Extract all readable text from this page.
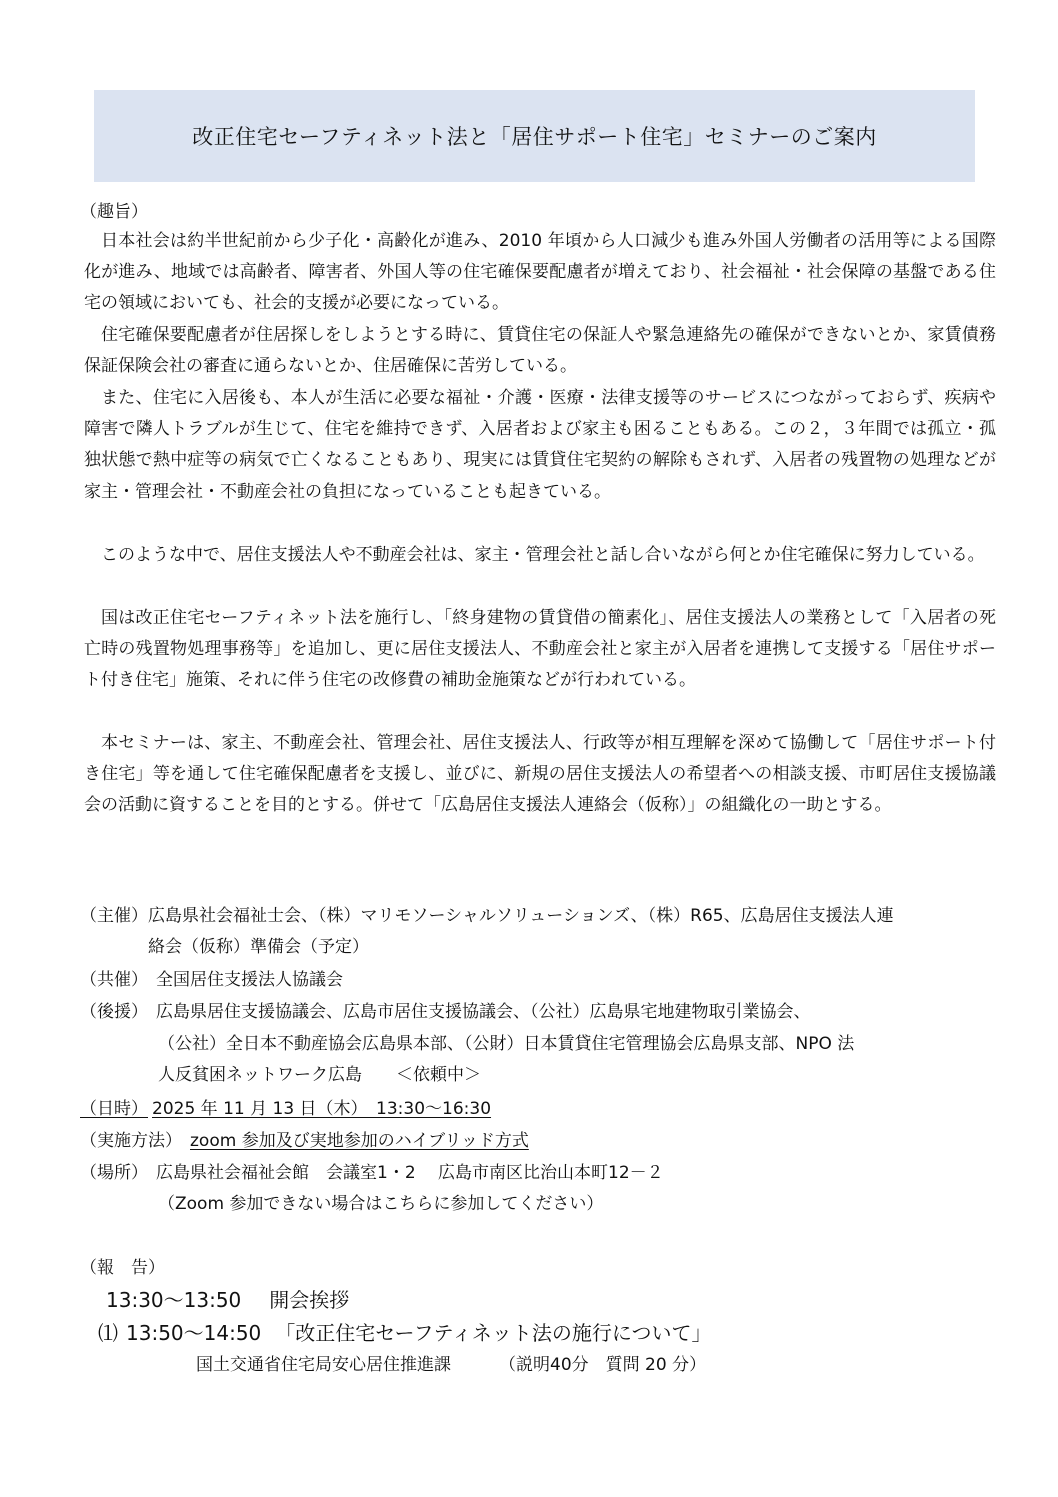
改正住宅セーフティネット法と「居住サポート住宅」セミナーのご案内
（趣旨）

日本社会は約半世紀前から少子化・高齢化が進み、2010 年頃から人口減少も進み外国人労働者の活用等による国際化が進み、地域では高齢者、障害者、外国人等の住宅確保要配慮者が増えており、社会福祉・社会保障の基盤である住宅の領域においても、社会的支援が必要になっている。

住宅確保要配慮者が住居探しをしようとする時に、賃貸住宅の保証人や緊急連絡先の確保ができないとか、家賃債務保証保険会社の審査に通らないとか、住居確保に苦労している。

また、住宅に入居後も、本人が生活に必要な福祉・介護・医療・法律支援等のサービスにつながっておらず、疾病や障害で隣人トラブルが生じて、住宅を維持できず、入居者および家主も困ることもある。この２，３年間では孤立・孤独状態で熱中症等の病気で亡くなることもあり、現実には賃貸住宅契約の解除もされず、入居者の残置物の処理などが家主・管理会社・不動産会社の負担になっていることも起きている。

このような中で、居住支援法人や不動産会社は、家主・管理会社と話し合いながら何とか住宅確保に努力している。

国は改正住宅セーフティネット法を施行し、「終身建物の賃貸借の簡素化」、居住支援法人の業務として「入居者の死亡時の残置物処理事務等」を追加し、更に居住支援法人、不動産会社と家主が入居者を連携して支援する「居住サポート付き住宅」施策、それに伴う住宅の改修費の補助金施策などが行われている。

本セミナーは、家主、不動産会社、管理会社、居住支援法人、行政等が相互理解を深めて協働して「居住サポート付き住宅」等を通して住宅確保配慮者を支援し、並びに、新規の居住支援法人の希望者への相談支援、市町居住支援協議会の活動に資することを目的とする。併せて「広島居住支援法人連絡会（仮称）」の組織化の一助とする。

（主催）広島県社会福祉士会、（株）マリモソーシャルソリューションズ、（株）R65、広島居住支援法人連
絡会（仮称）準備会（予定）
（共催） 全国居住支援法人協議会
（後援） 広島県居住支援協議会、広島市居住支援協議会、（公社）広島県宅地建物取引業協会、
（公社）全日本不動産協会広島県本部、（公財）日本賃貸住宅管理協会広島県支部、NPO 法
人反貧困ネットワーク広島　　＜依頼中＞
（日時） 2025 年 11 月 13 日（木）　13:30～16:30
（実施方法） zoom 参加及び実地参加のハイブリッド方式
（場所） 広島県社会福祉会館　会議室1・2　 広島市南区比治山本町12－２
（Zoom 参加できない場合はこちらに参加してください）
（報　告）
13:30～13:50 開会挨拶
⑴ 13:50～14:50 「改正住宅セーフティネット法の施行について」
国土交通省住宅局安心居住推進課	（説明40分　質問 20 分）
